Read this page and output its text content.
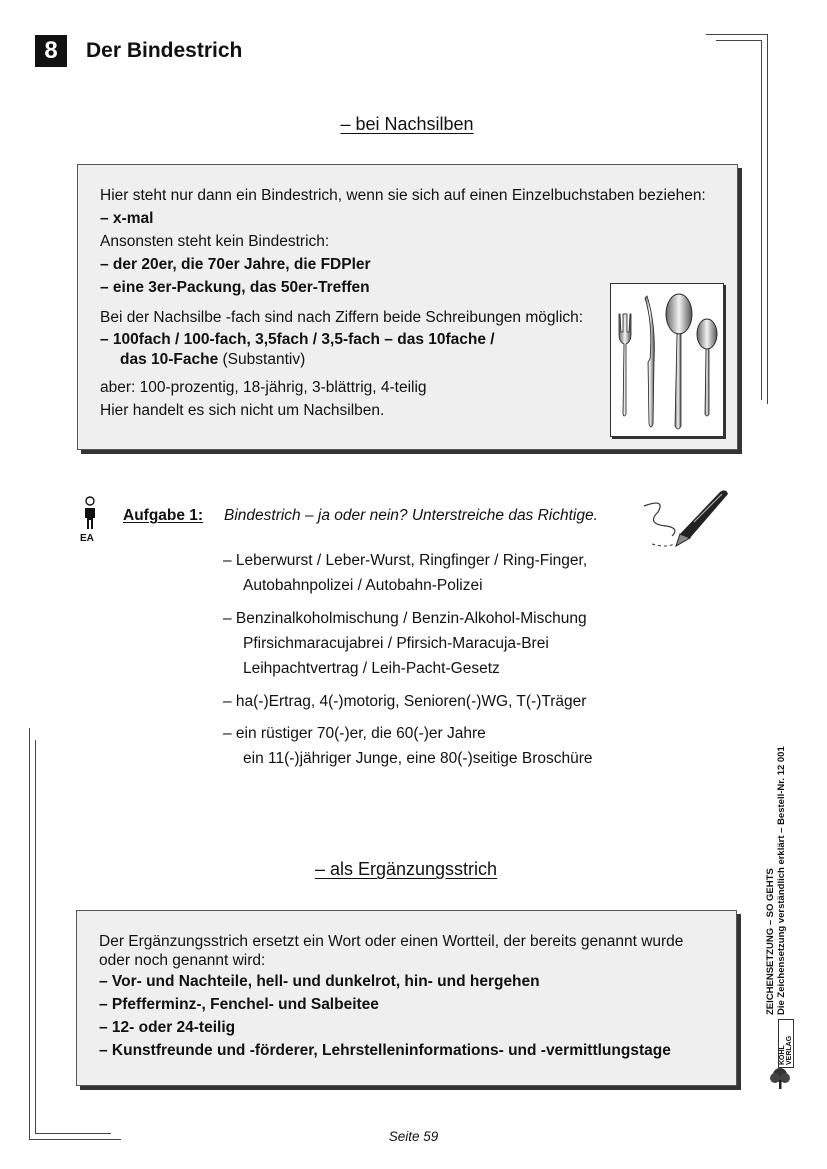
8	Der Bindestrich
– bei Nachsilben

Hier steht nur dann ein Bindestrich, wenn sie sich auf einen Einzelbuchstaben beziehen:

– x-mal

Ansonsten steht kein Bindestrich:

– der 20er, die 70er Jahre, die FDPler

– eine 3er-Packung, das 50er-Treffen

Bei der Nachsilbe -fach sind nach Ziffern beide Schreibungen möglich:

– 100fach / 100-fach, 3,5fach / 3,5-fach – das 10fache /

das 10-Fache (Substantiv)

aber: 100-prozentig, 18-jährig, 3-blättrig, 4-teilig

Hier handelt es sich nicht um Nachsilben.

EA
Aufgabe 1: Bindestrich – ja oder nein? Unterstreiche das Richtige.
– Leberwurst / Leber-Wurst, Ringfinger / Ring-Finger,
Autobahnpolizei / Autobahn-Polizei
– Benzinalkoholmischung / Benzin-Alkohol-Mischung
Pfirsichmaracujabrei / Pfirsich-Maracuja-Brei
Leihpachtvertrag / Leih-Pacht-Gesetz
– ha(-)Ertrag, 4(-)motorig, Senioren(-)WG, T(-)Träger
– ein rüstiger 70(-)er, die 60(-)er Jahre
ein 11(-)jähriger Junge, eine 80(-)seitige Broschüre
– als Ergänzungsstrich

Der Ergänzungsstrich ersetzt ein Wort oder einen Wortteil, der bereits genannt wurde oder noch genannt wird:

– Vor- und Nachteile, hell- und dunkelrot, hin- und hergehen

– Pfefferminz-, Fenchel- und Salbeitee

– 12- oder 24-teilig

– Kunstfreunde und -förderer, Lehrstelleninformations- und -vermittlungstage

ZEICHENSETZUNG – SO GEHTS Die Zeichensetzung verständlich erklärt – Bestell-Nr. 12 001
KOHL VERLAG
Seite 59
